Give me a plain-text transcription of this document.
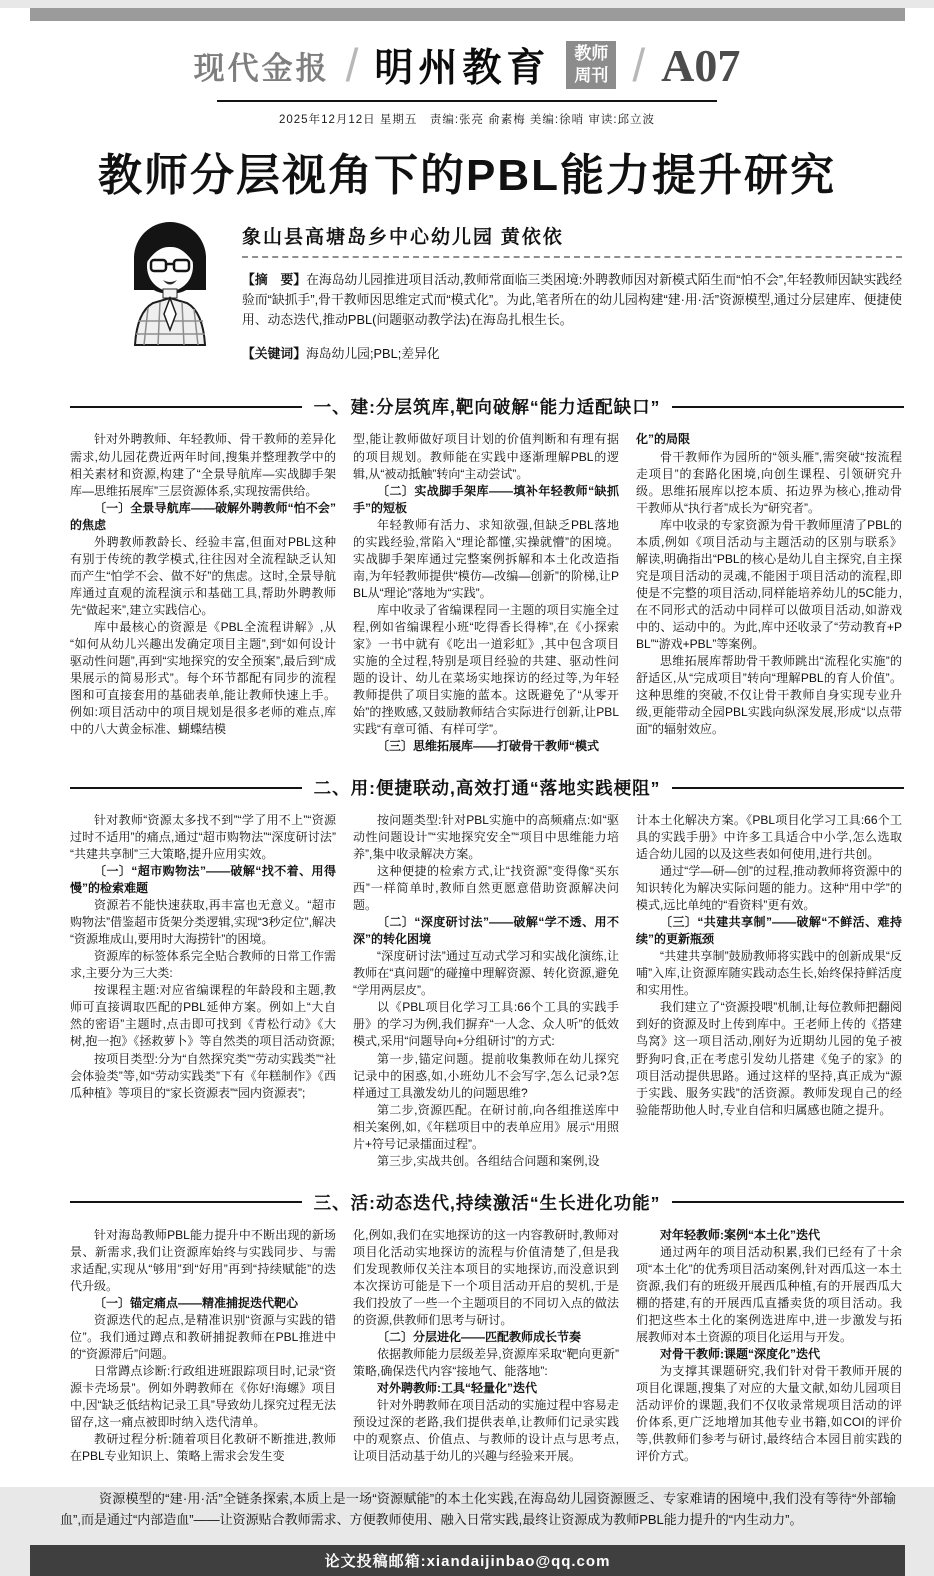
现代金报 / 明州教育 教师
周刊 / A07
2025年12月12日 星期五　责编:张亮 俞素梅 美编:徐哨 审读:邱立波
教师分层视角下的PBL能力提升研究
象山县高塘岛乡中心幼儿园 黄依依

【摘　要】在海岛幼儿园推进项目活动,教师常面临三类困境:外聘教师因对新模式陌生而“怕不会”,年轻教师因缺实践经验而“缺抓手”,骨干教师因思维定式而“模式化”。为此,笔者所在的幼儿园构建“建·用·活”资源模型,通过分层建库、便捷使用、动态迭代,推动PBL(问题驱动教学法)在海岛扎根生长。

【关键词】海岛幼儿园;PBL;差异化

一、建:分层筑库,靶向破解“能力适配缺口”

针对外聘教师、年轻教师、骨干教师的差异化需求,幼儿园花费近两年时间,搜集并整理教学中的相关素材和资源,构建了“全景导航库—实战脚手架库—思维拓展库”三层资源体系,实现按需供给。

〔一〕全景导航库——破解外聘教师“怕不会”的焦虑

外聘教师教龄长、经验丰富,但面对PBL这种有别于传统的教学模式,往往因对全流程缺乏认知而产生“怕学不会、做不好”的焦虑。这时,全景导航库通过直观的流程演示和基础工具,帮助外聘教师先“做起来”,建立实践信心。

库中最核心的资源是《PBL全流程讲解》,从“如何从幼儿兴趣出发确定项目主题”,到“如何设计驱动性问题”,再到“实地探究的安全预案”,最后到“成果展示的简易形式”。每个环节都配有同步的流程图和可直接套用的基础表单,能让教师快速上手。例如:项目活动中的项目规划是很多老师的难点,库中的八大黄金标准、蝴蝶结模

型,能让教师做好项目计划的价值判断和有理有据的项目规划。教师能在实践中逐渐理解PBL的逻辑,从“被动抵触”转向“主动尝试”。

〔二〕实战脚手架库——填补年轻教师“缺抓手”的短板

年轻教师有活力、求知欲强,但缺乏PBL落地的实践经验,常陷入“理论都懂,实操就懵”的困境。实战脚手架库通过完整案例拆解和本土化改造指南,为年轻教师提供“模仿—改编—创新”的阶梯,让PBL从“理论”落地为“实践”。

库中收录了省编课程同一主题的项目实施全过程,例如省编课程小班“吃得香长得棒”,在《小探索家》一书中就有《吃出一道彩虹》,其中包含项目实施的全过程,特别是项目经验的共建、驱动性问题的设计、幼儿在菜场实地探访的经过等,为年轻教师提供了项目实施的蓝本。这既避免了“从零开始”的挫败感,又鼓励教师结合实际进行创新,让PBL实践“有章可循、有样可学”。

〔三〕思维拓展库——打破骨干教师“模式

化”的局限

骨干教师作为园所的“领头雁”,需突破“按流程走项目”的套路化困境,向创生课程、引领研究升级。思维拓展库以挖本质、拓边界为核心,推动骨干教师从“执行者”成长为“研究者”。

库中收录的专家资源为骨干教师厘清了PBL的本质,例如《项目活动与主题活动的区别与联系》解读,明确指出“PBL的核心是幼儿自主探究,自主探究是项目活动的灵魂,不能困于项目活动的流程,即使是不完整的项目活动,同样能培养幼儿的5C能力,在不同形式的活动中同样可以做项目活动,如游戏中的、运动中的。为此,库中还收录了“劳动教育+PBL”“游戏+PBL”等案例。

思维拓展库帮助骨干教师跳出“流程化实施”的舒适区,从“完成项目”转向“理解PBL的育人价值”。这种思维的突破,不仅让骨干教师自身实现专业升级,更能带动全园PBL实践向纵深发展,形成“以点带面”的辐射效应。

二、用:便捷联动,高效打通“落地实践梗阻”

针对教师“资源太多找不到”“学了用不上”“资源过时不适用”的痛点,通过“超市购物法”“深度研讨法”“共建共享制”三大策略,提升应用实效。

〔一〕“超市购物法”——破解“找不着、用得慢”的检索难题

资源若不能快速获取,再丰富也无意义。“超市购物法”借鉴超市货架分类逻辑,实现“3秒定位”,解决“资源堆成山,要用时大海捞针”的困境。

资源库的标签体系完全贴合教师的日常工作需求,主要分为三大类:

按课程主题:对应省编课程的年龄段和主题,教师可直接调取匹配的PBL延伸方案。例如上“大自然的密语”主题时,点击即可找到《青松行动》《大树,抱一抱》《拯救萝卜》等自然类的项目活动资源;

按项目类型:分为“自然探究类”“劳动实践类”“社会体验类”等,如“劳动实践类”下有《年糕制作》《西瓜种植》等项目的“家长资源表”“园内资源表”;

按问题类型:针对PBL实施中的高频痛点:如“驱动性问题设计”“实地探究安全”“项目中思维能力培养”,集中收录解决方案。

这种便捷的检索方式,让“找资源”变得像“买东西”一样简单时,教师自然更愿意借助资源解决问题。

〔二〕“深度研讨法”——破解“学不透、用不深”的转化困境

“深度研讨法”通过互动式学习和实战化演练,让教师在“真问题”的碰撞中理解资源、转化资源,避免“学用两层皮”。

以《PBL项目化学习工具:66个工具的实践手册》的学习为例,我们摒弃“一人念、众人听”的低效模式,采用“问题导向+分组研讨”的方式:

第一步,锚定问题。提前收集教师在幼儿探究记录中的困惑,如,小班幼儿不会写字,怎么记录?怎样通过工具激发幼儿的问题思维?

第二步,资源匹配。在研讨前,向各组推送库中相关案例,如,《年糕项目中的表单应用》展示“用照片+符号记录擂面过程”。

第三步,实战共创。各组结合问题和案例,设

计本土化解决方案。《PBL项目化学习工具:66个工具的实践手册》中许多工具适合中小学,怎么选取适合幼儿园的以及这些表如何使用,进行共创。

通过“学—研—创”的过程,推动教师将资源中的知识转化为解决实际问题的能力。这种“用中学”的模式,远比单纯的“看资料”更有效。

〔三〕“共建共享制”——破解“不鲜活、难持续”的更新瓶颈

“共建共享制”鼓励教师将实践中的创新成果“反哺”入库,让资源库随实践动态生长,始终保持鲜活度和实用性。

我们建立了“资源投喂”机制,让每位教师把翻阅到好的资源及时上传到库中。王老师上传的《搭建鸟窝》这一项目活动,刚好为近期幼儿园的兔子被野狗叼食,正在考虑引发幼儿搭建《兔子的家》的项目活动提供思路。通过这样的坚持,真正成为“源于实践、服务实践”的活资源。教师发现自己的经验能帮助他人时,专业自信和归属感也随之提升。

三、活:动态迭代,持续激活“生长进化功能”

针对海岛教师PBL能力提升中不断出现的新场景、新需求,我们让资源库始终与实践同步、与需求适配,实现从“够用”到“好用”再到“持续赋能”的迭代升级。

〔一〕锚定痛点——精准捕捉迭代靶心

资源迭代的起点,是精准识别“资源与实践的错位”。我们通过蹲点和教研捕捉教师在PBL推进中的“资源滞后”问题。

日常蹲点诊断:行政组进班跟踪项目时,记录“资源卡壳场景”。例如外聘教师在《你好!海螺》项目中,因“缺乏低结构记录工具”导致幼儿探究过程无法留存,这一痛点被即时纳入迭代清单。

教研过程分析:随着项目化教研不断推进,教师在PBL专业知识上、策略上需求会发生变

化,例如,我们在实地探访的这一内容教研时,教师对项目化活动实地探访的流程与价值清楚了,但是我们发现教师仅关注本项目的实地探访,而没意识到本次探访可能是下一个项目活动开启的契机,于是我们投放了一些一个主题项目的不同切入点的做法的资源,供教师们思考与研讨。

〔二〕分层进化——匹配教师成长节奏

依据教师能力层级差异,资源库采取“靶向更新”策略,确保迭代内容“接地气、能落地”:

对外聘教师:工具“轻量化”迭代

针对外聘教师在项目活动的实施过程中容易走预设过深的老路,我们提供表单,让教师们记录实践中的观察点、价值点、与教师的设计点与思考点,让项目活动基于幼儿的兴趣与经验来开展。

对年轻教师:案例“本土化”迭代

通过两年的项目活动积累,我们已经有了十余项“本土化”的优秀项目活动案例,针对西瓜这一本土资源,我们有的班级开展西瓜种植,有的开展西瓜大棚的搭建,有的开展西瓜直播卖货的项目活动。我们把这些本土化的案例选进库中,进一步激发与拓展教师对本土资源的项目化运用与开发。

对骨干教师:课题“深度化”迭代

为支撑其课题研究,我们针对骨干教师开展的项目化课题,搜集了对应的大量文献,如幼儿园项目活动评价的课题,我们不仅收录常规项目活动的评价体系,更广泛地增加其他专业书籍,如COI的评价等,供教师们参考与研讨,最终结合本园目前实践的评价方式。

资源模型的“建·用·活”全链条探索,本质上是一场“资源赋能”的本土化实践,在海岛幼儿园资源匮乏、专家难请的困境中,我们没有等待“外部输血”,而是通过“内部造血”——让资源贴合教师需求、方便教师使用、融入日常实践,最终让资源成为教师PBL能力提升的“内生动力”。

论文投稿邮箱:xiandaijinbao@qq.com
